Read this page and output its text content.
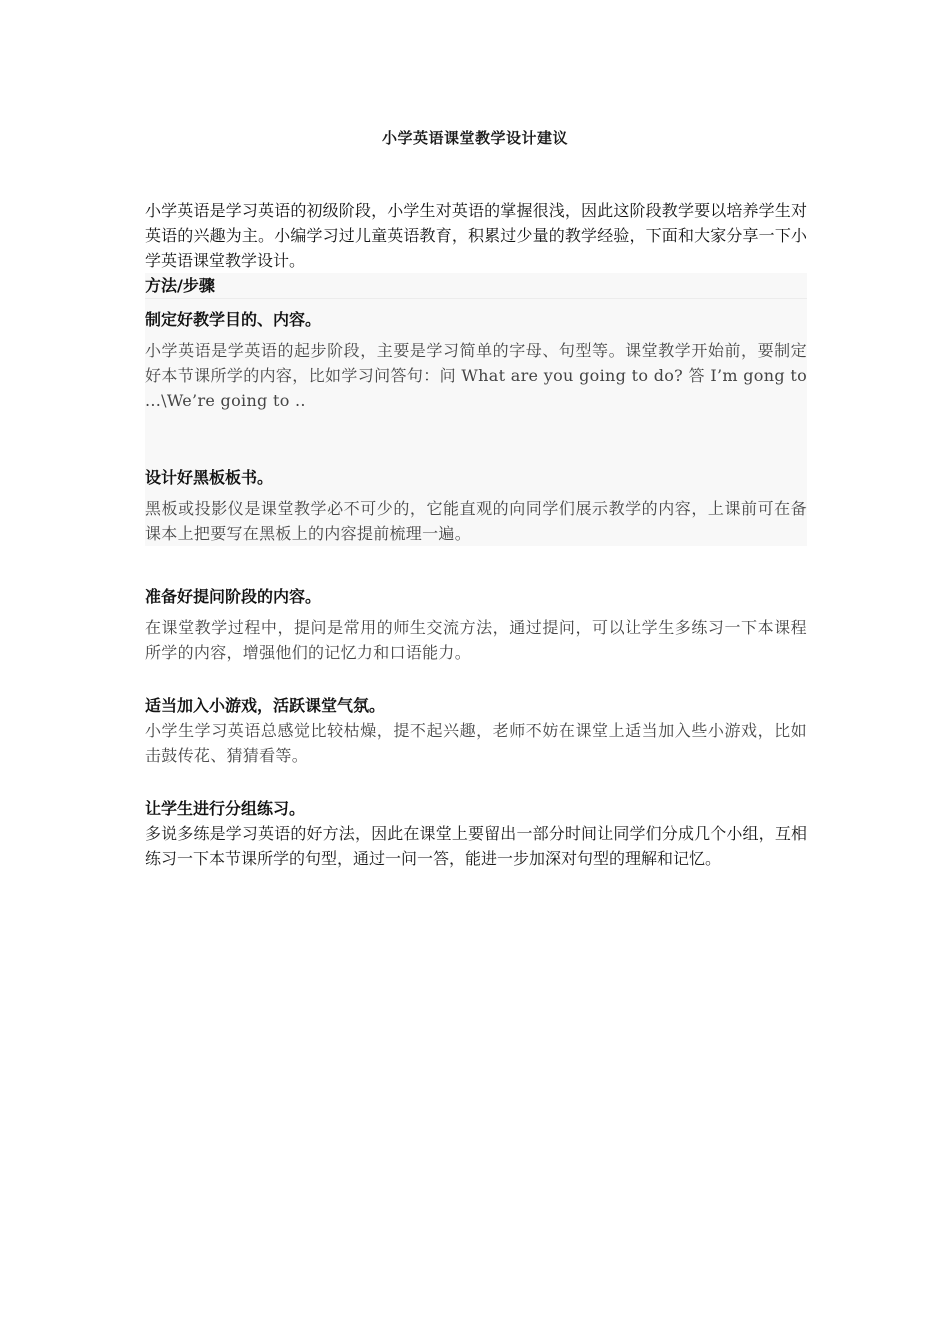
小学英语课堂教学设计建议

小学英语是学习英语的初级阶段，小学生对英语的掌握很浅，因此这阶段教学要以培养学生对英语的兴趣为主。小编学习过儿童英语教育，积累过少量的教学经验，下面和大家分享一下小学英语课堂教学设计。

方法/步骤
制定好教学目的、内容。

小学英语是学英语的起步阶段，主要是学习简单的字母、句型等。课堂教学开始前，要制定好本节课所学的内容，比如学习问答句：问 What are you going to do? 答 I’m gong to ...\We’re going to ..

设计好黑板板书。

黑板或投影仪是课堂教学必不可少的，它能直观的向同学们展示教学的内容，上课前可在备课本上把要写在黑板上的内容提前梳理一遍。

准备好提问阶段的内容。

在课堂教学过程中，提问是常用的师生交流方法，通过提问，可以让学生多练习一下本课程所学的内容，增强他们的记忆力和口语能力。

适当加入小游戏，活跃课堂气氛。

小学生学习英语总感觉比较枯燥，提不起兴趣，老师不妨在课堂上适当加入些小游戏，比如击鼓传花、猜猜看等。

让学生进行分组练习。

多说多练是学习英语的好方法，因此在课堂上要留出一部分时间让同学们分成几个小组，互相练习一下本节课所学的句型，通过一问一答，能进一步加深对句型的理解和记忆。
